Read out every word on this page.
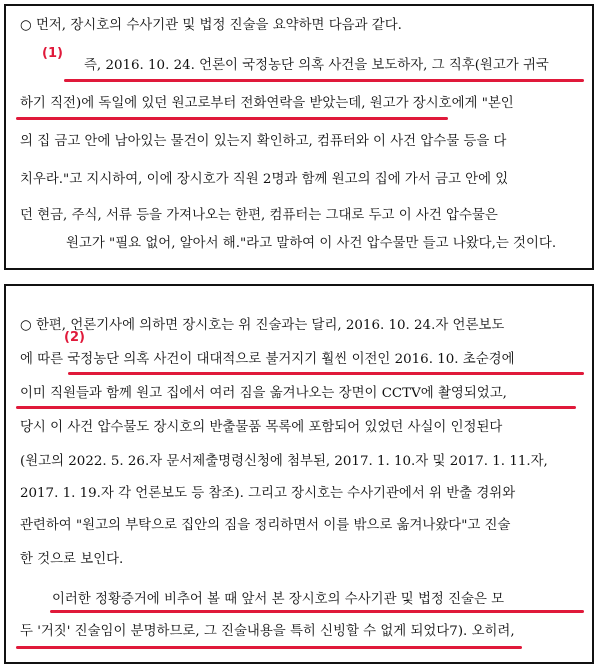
(1)
○ 먼저, 장시호의 수사기관 및 법정 진술을 요약하면 다음과 같다.
즉, 2016. 10. 24. 언론이 국정농단 의혹 사건을 보도하자, 그 직후(원고가 귀국
하기 직전)에 독일에 있던 원고로부터 전화연락을 받았는데, 원고가 장시호에게 "본인
의 집 금고 안에 남아있는 물건이 있는지 확인하고, 컴퓨터와 이 사건 압수물 등을 다
치우라."고 지시하여, 이에 장시호가 직원 2명과 함께 원고의 집에 가서 금고 안에 있
던 현금, 주식, 서류 등을 가져나오는 한편, 컴퓨터는 그대로 두고 이 사건 압수물은
원고가 "필요 없어, 알아서 해."라고 말하여 이 사건 압수물만 들고 나왔다,는 것이다.
(2)
○ 한편, 언론기사에 의하면 장시호는 위 진술과는 달리, 2016. 10. 24.자 언론보도
에 따른 국정농단 의혹 사건이 대대적으로 불거지기 훨씬 이전인 2016. 10. 초순경에
이미 직원들과 함께 원고 집에서 여러 짐을 옮겨나오는 장면이 CCTV에 촬영되었고,
당시 이 사건 압수물도 장시호의 반출물품 목록에 포함되어 있었던 사실이 인정된다
(원고의 2022. 5. 26.자 문서제출명령신청에 첨부된, 2017. 1. 10.자 및 2017. 1. 11.자,
2017. 1. 19.자 각 언론보도 등 참조). 그리고 장시호는 수사기관에서 위 반출 경위와
관련하여 "원고의 부탁으로 집안의 짐을 정리하면서 이를 밖으로 옮겨나왔다"고 진술
한 것으로 보인다.
이러한 정황증거에 비추어 볼 때 앞서 본 장시호의 수사기관 및 법정 진술은 모
두 '거짓' 진술임이 분명하므로, 그 진술내용을 특히 신빙할 수 없게 되었다7). 오히려,
